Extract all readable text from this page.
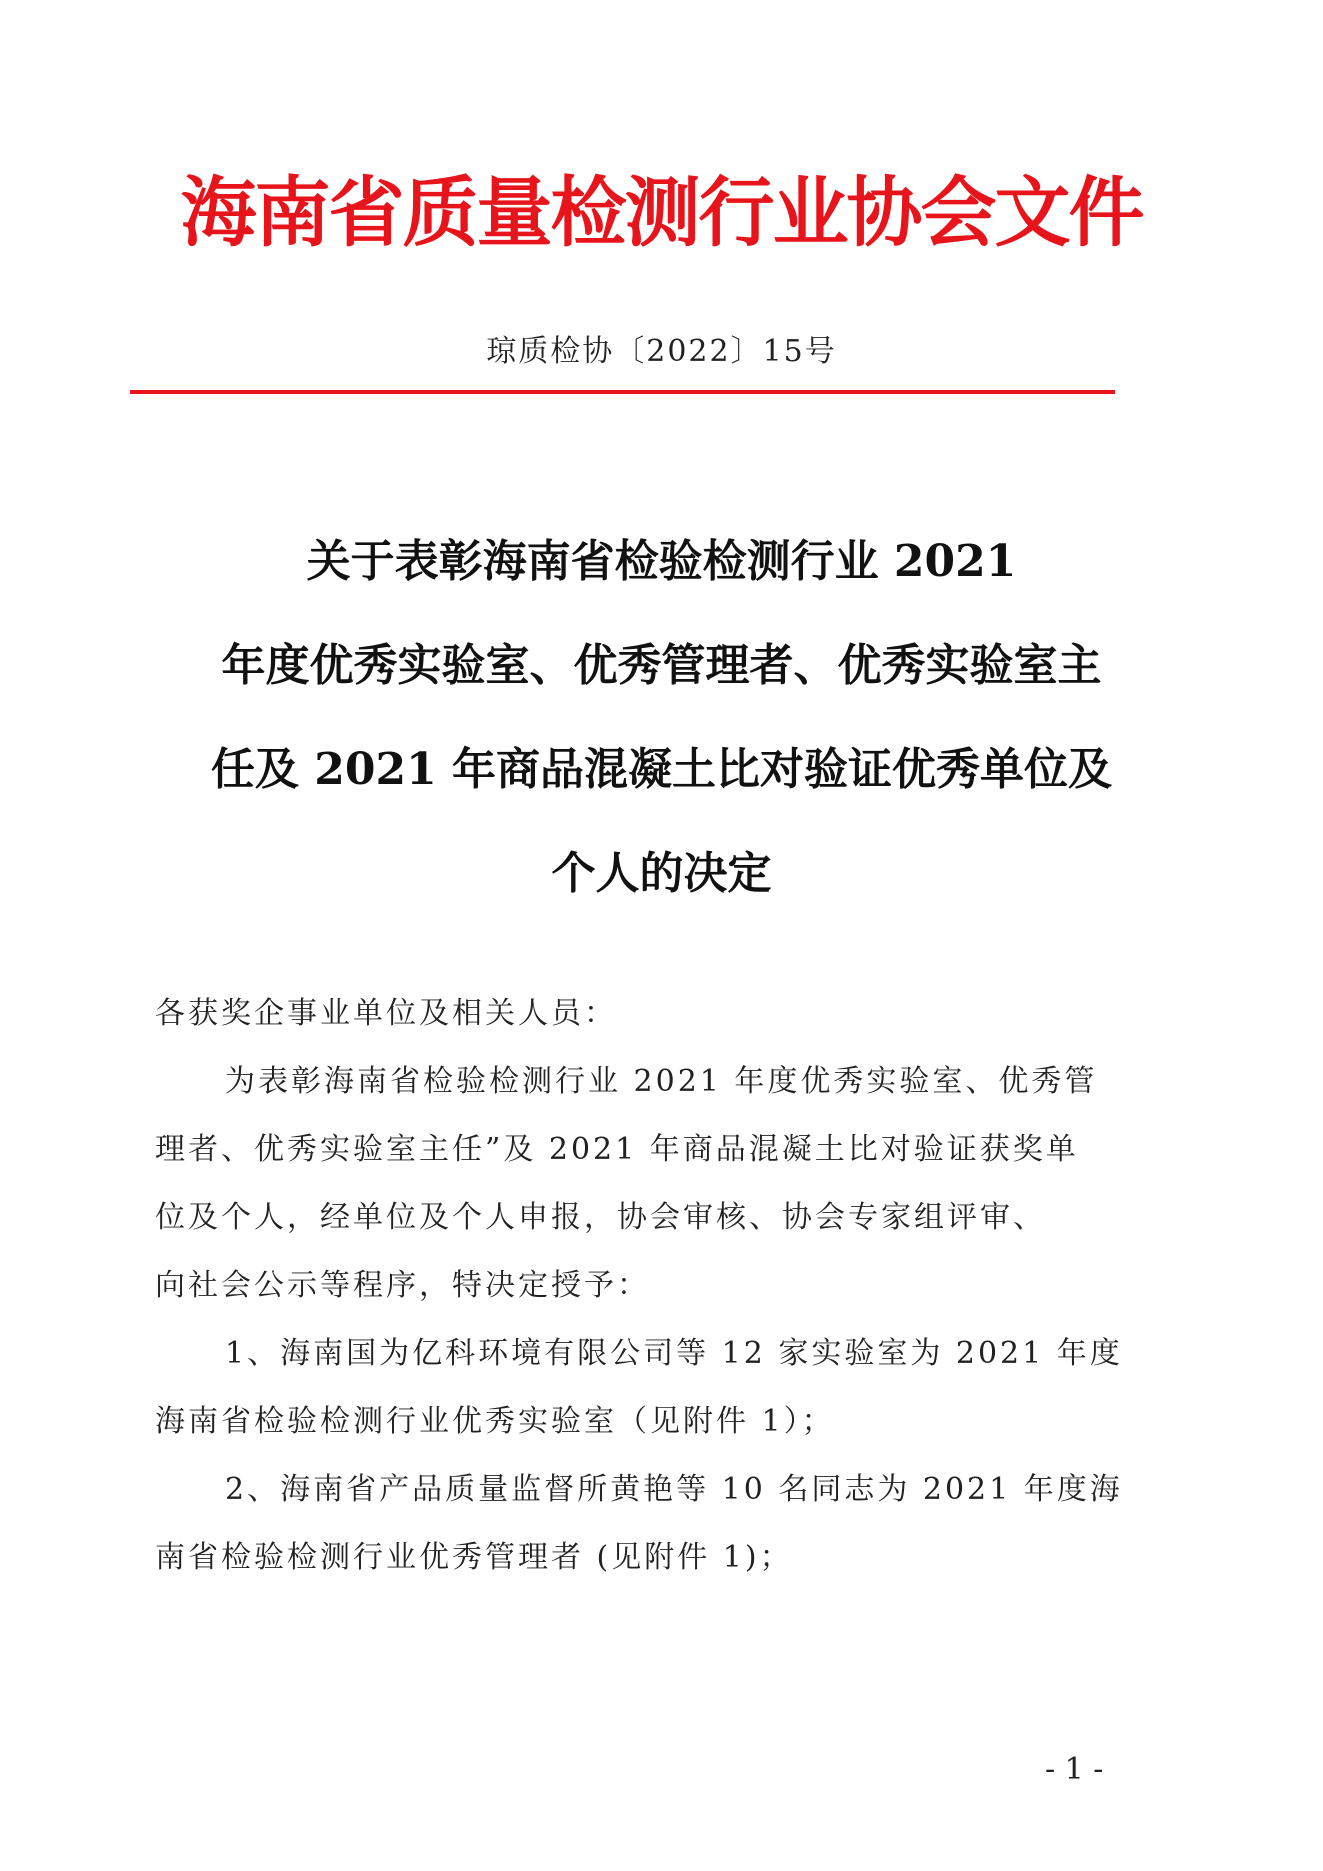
海南省质量检测行业协会文件
琼质检协〔2022〕15号
关于表彰海南省检验检测行业 2021
年度优秀实验室、优秀管理者、优秀实验室主
任及 2021 年商品混凝土比对验证优秀单位及
个人的决定

各获奖企事业单位及相关人员：

为表彰海南省检验检测行业 2021 年度优秀实验室、优秀管
理者、优秀实验室主任”及 2021 年商品混凝土比对验证获奖单
位及个人，经单位及个人申报，协会审核、协会专家组评审、
向社会公示等程序，特决定授予：

1、海南国为亿科环境有限公司等 12 家实验室为 2021 年度
海南省检验检测行业优秀实验室（见附件 1）；

2、海南省产品质量监督所黄艳等 10 名同志为 2021 年度海
南省检验检测行业优秀管理者 (见附件 1)；

- 1 -
